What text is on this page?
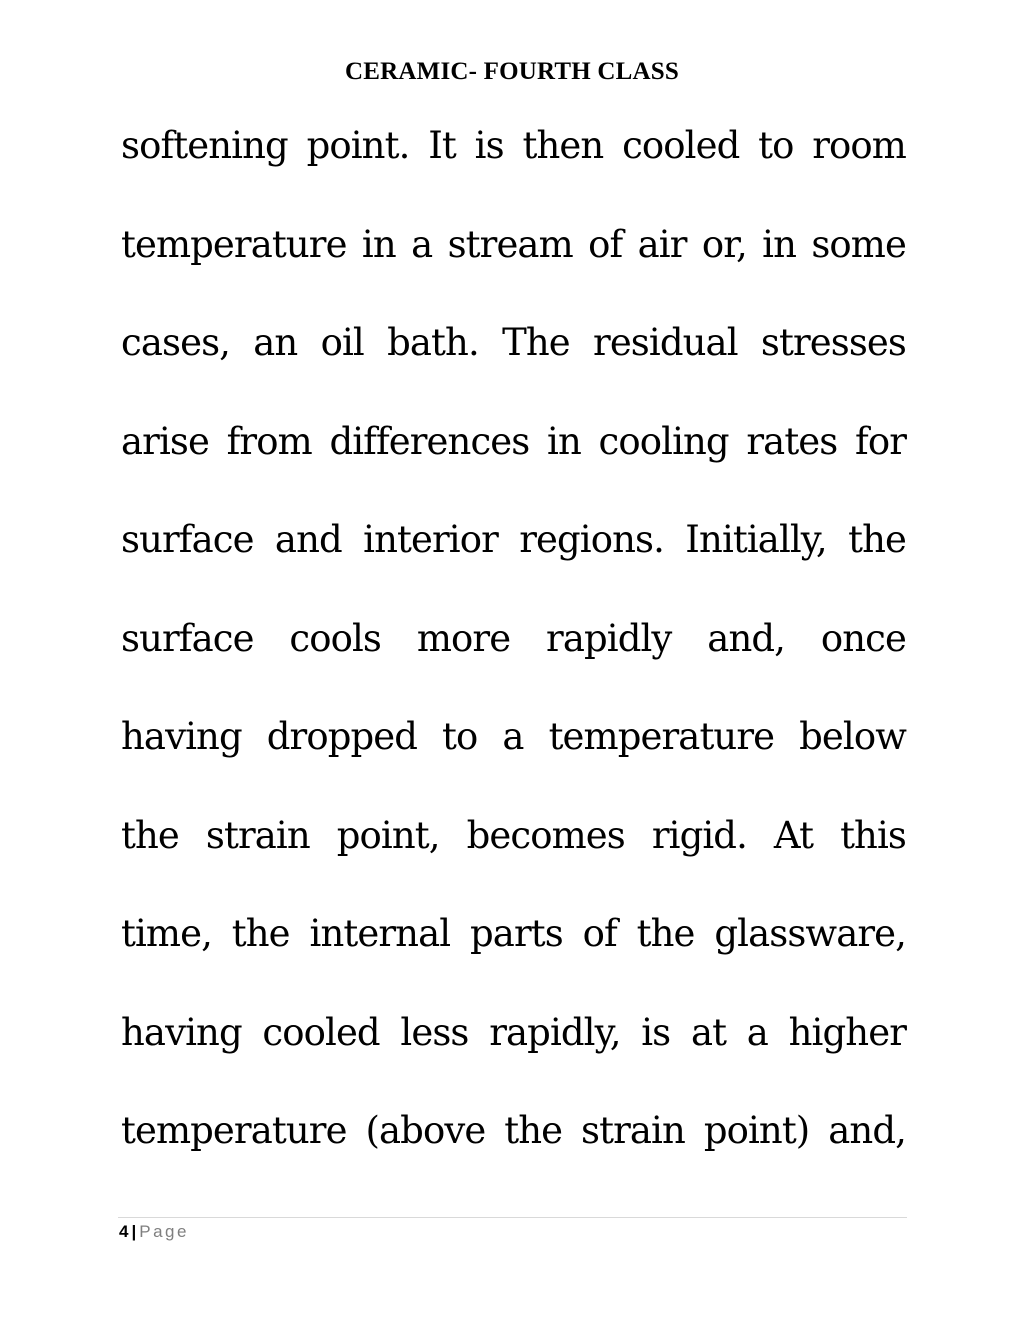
CERAMIC- FOURTH CLASS
softening point. It is then cooled to room
temperature in a stream of air or, in some
cases, an oil bath. The residual stresses
arise from differences in cooling rates for
surface and interior regions. Initially, the
surface cools more rapidly and, once
having dropped to a temperature below
the strain point, becomes rigid. At this
time, the internal parts of the glassware,
having cooled less rapidly, is at a higher
temperature (above the strain point) and,
4 | Page
